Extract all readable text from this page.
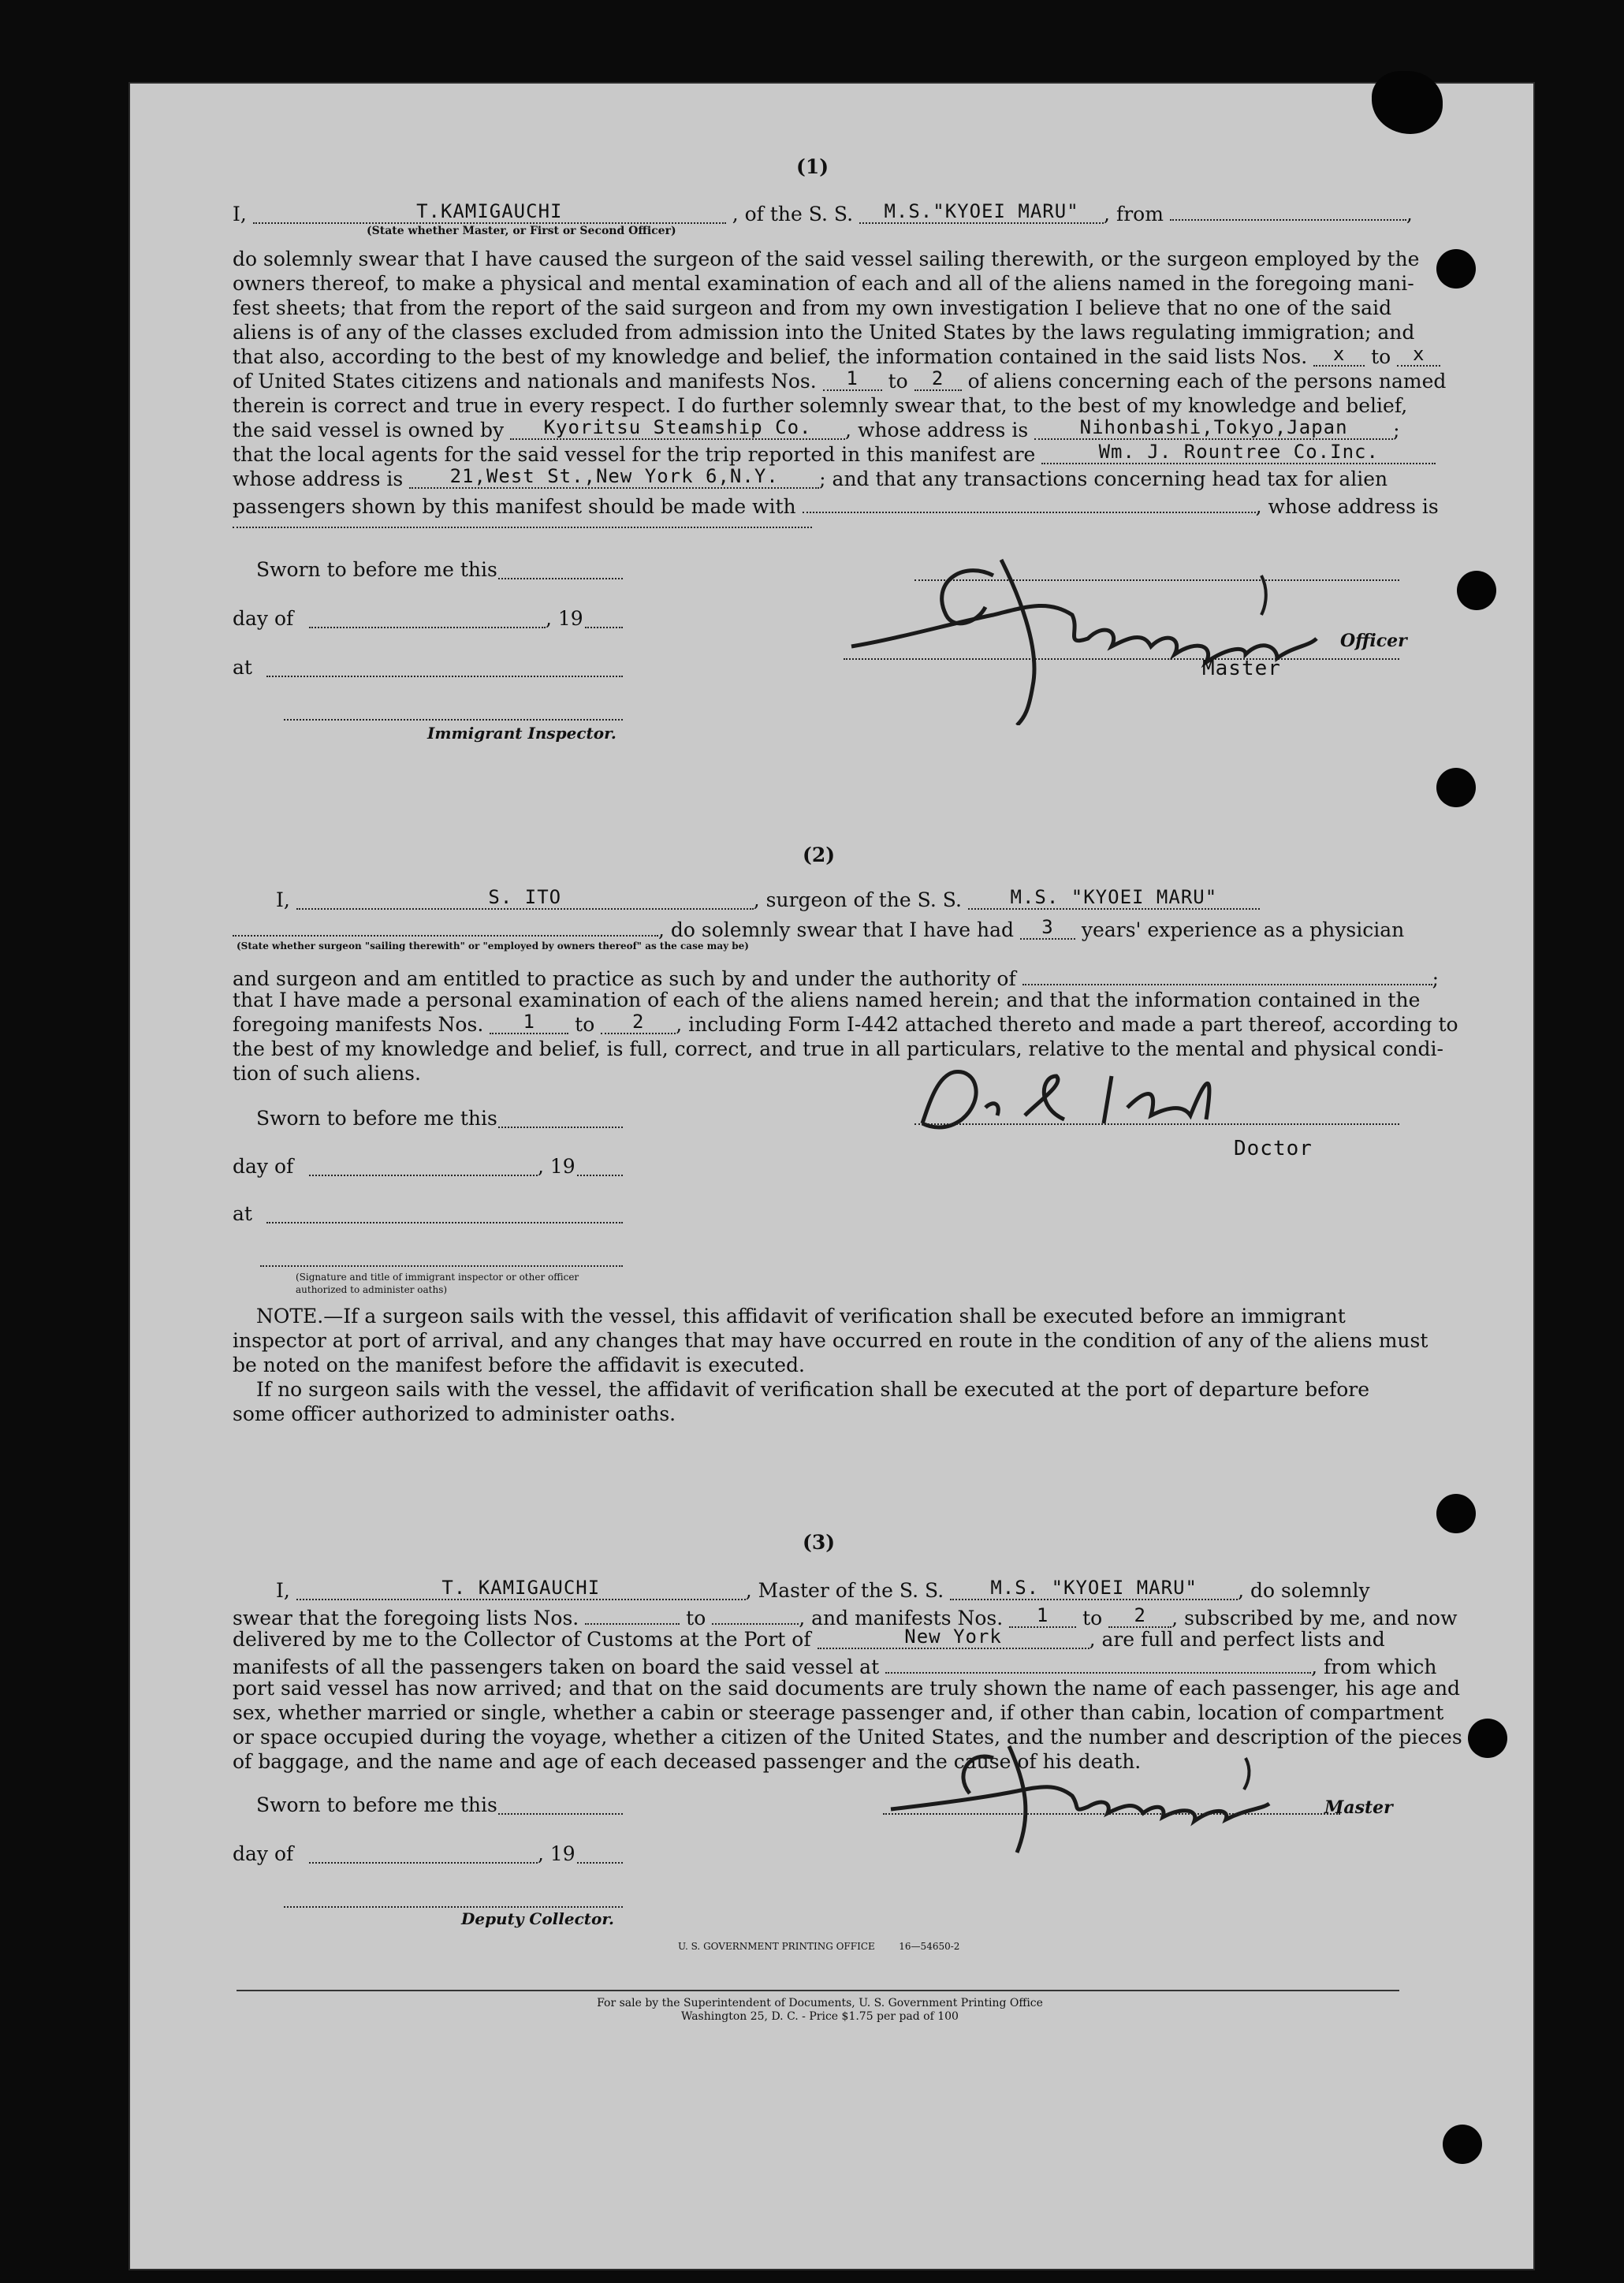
(1)
I,	T.KAMIGAUCHI	, of the S. S. M.S."KYOEI MARU" , from	,
(State whether Master, or First or Second Officer)
do solemnly swear that I have caused the surgeon of the said vessel sailing therewith, or the surgeon employed by the
owners thereof, to make a physical and mental examination of each and all of the aliens named in the foregoing mani-
fest sheets; that from the report of the said surgeon and from my own investigation I believe that no one of the said
aliens is of any of the classes excluded from admission into the United States by the laws regulating immigration; and
that also, according to the best of my knowledge and belief, the information contained in the said lists Nos. x to x
of United States citizens and nationals and manifests Nos. 1 to 2 of aliens concerning each of the persons named
therein is correct and true in every respect. I do further solemnly swear that, to the best of my knowledge and belief,
the said vessel is owned by Kyoritsu Steamship Co. , whose address is	Nihonbashi,Tokyo,Japan ;
that the local agents for the said vessel for the trip reported in this manifest are	Wm. J. Rountree Co.Inc.
whose address is 21,West St.,New York 6,N.Y. ; and that any transactions concerning head tax for alien
passengers shown by this manifest should be made with	, whose address is
Sworn to before me this
day of	, 19
at
Immigrant Inspector.
Officer
Master
(2)
I,	S. ITO	, surgeon of the S. S.	M.S. "KYOEI MARU"
, do solemnly swear that I have had 3 years' experience as a physician
(State whether surgeon "sailing therewith" or "employed by owners thereof" as the case may be)
and surgeon and am entitled to practice as such by and under the authority of
that I have made a personal examination of each of the aliens named herein; and that the information contained in the
foregoing manifests Nos. 1 to 2 , including Form I-442 attached thereto and made a part thereof, according to
the best of my knowledge and belief, is full, correct, and true in all particulars, relative to the mental and physical condi-
tion of such aliens.
Sworn to before me this
day of	, 19
at
(Signature and title of immigrant inspector or other officer authorized to administer oaths)
Doctor
NOTE.—If a surgeon sails with the vessel, this affidavit of verification shall be executed before an immigrant
inspector at port of arrival, and any changes that may have occurred en route in the condition of any of the aliens must
be noted on the manifest before the affidavit is executed.
If no surgeon sails with the vessel, the affidavit of verification shall be executed at the port of departure before
some officer authorized to administer oaths.
(3)
I,	T. KAMIGAUCHI	, Master of the S. S. M.S. "KYOEI MARU" , do solemnly
swear that the foregoing lists Nos.	to	, and manifests Nos. 1 to 2 , subscribed by me, and now
delivered by me to the Collector of Customs at the Port of	New York	, are full and perfect lists and
manifests of all the passengers taken on board the said vessel at	, from which
port said vessel has now arrived; and that on the said documents are truly shown the name of each passenger, his age and
sex, whether married or single, whether a cabin or steerage passenger and, if other than cabin, location of compartment
or space occupied during the voyage, whether a citizen of the United States, and the number and description of the pieces
of baggage, and the name and age of each deceased passenger and the cause of his death.
Sworn to before me this
day of	, 19
Deputy Collector.
Master
U. S. GOVERNMENT PRINTING OFFICE        16—54650-2
For sale by the Superintendent of Documents, U. S. Government Printing Office
Washington 25, D. C. - Price $1.75 per pad of 100
